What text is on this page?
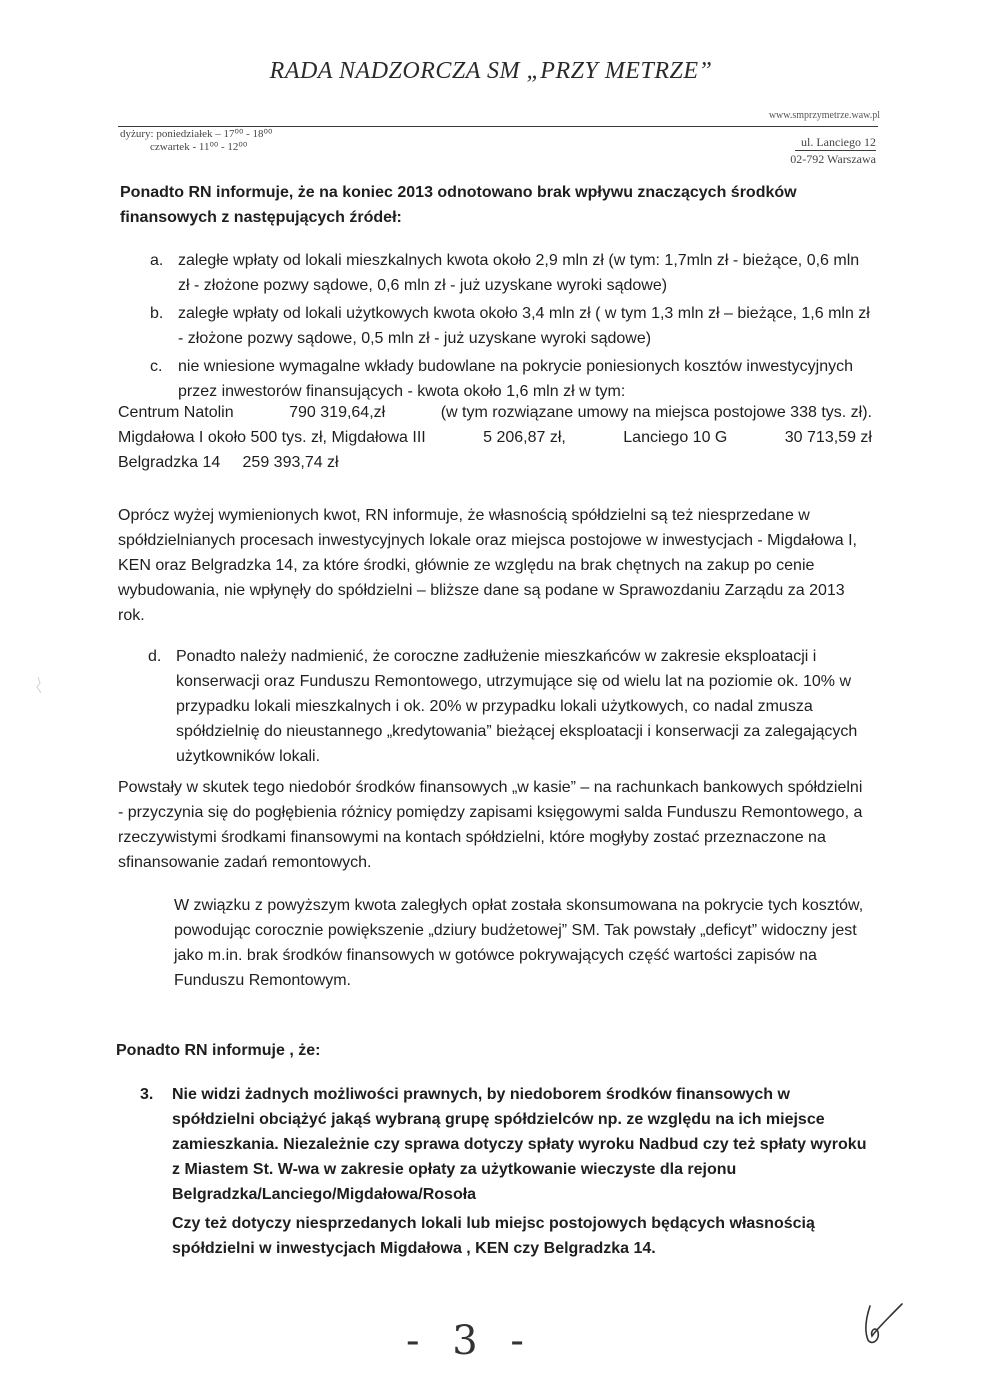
RADA NADZORCZA SM „PRZY METRZE”
www.smprzymetrze.waw.pl
dyżury: poniedziałek – 17⁰⁰ - 18⁰⁰
czwartek - 11⁰⁰ - 12⁰⁰	ul. Lanciego 12
02-792 Warszawa

Ponadto RN informuje, że na koniec 2013 odnotowano brak wpływu znaczących środków finansowych z następujących źródeł:

a. zaległe wpłaty od lokali mieszkalnych kwota około 2,9 mln zł (w tym: 1,7mln zł - bieżące, 0,6 mln zł - złożone pozwy sądowe, 0,6 mln zł - już uzyskane wyroki sądowe)
b. zaległe wpłaty od lokali użytkowych kwota około 3,4 mln zł ( w tym 1,3 mln zł – bieżące, 1,6 mln zł - złożone pozwy sądowe, 0,5 mln zł - już uzyskane wyroki sądowe)
c. nie wniesione wymagalne wkłady budowlane na pokrycie poniesionych kosztów inwestycyjnych przez inwestorów finansujących - kwota około 1,6 mln zł w tym:
Centrum Natolin	790 319,64,zł	(w tym rozwiązane umowy na miejsca postojowe 338 tys. zł).
Migdałowa I około 500 tys. zł, Migdałowa III	5 206,87 zł,	Lanciego 10 G	30 713,59 zł
Belgradzka 14 259 393,74 zł

Oprócz wyżej wymienionych kwot, RN informuje, że własnością spółdzielni są też niesprzedane w spółdzielnianych procesach inwestycyjnych lokale oraz miejsca postojowe w inwestycjach - Migdałowa I, KEN oraz Belgradzka 14, za które środki, głównie ze względu na brak chętnych na zakup po cenie wybudowania, nie wpłynęły do spółdzielni – bliższe dane są podane w Sprawozdaniu Zarządu za 2013 rok.

d. Ponadto należy nadmienić, że coroczne zadłużenie mieszkańców w zakresie eksploatacji i konserwacji oraz Funduszu Remontowego, utrzymujące się od wielu lat na poziomie ok. 10% w przypadku lokali mieszkalnych i ok. 20% w przypadku lokali użytkowych, co nadal zmusza spółdzielnię do nieustannego „kredytowania” bieżącej eksploatacji i konserwacji za zalegających użytkowników lokali.

Powstały w skutek tego niedobór środków finansowych „w kasie” – na rachunkach bankowych spółdzielni - przyczynia się do pogłębienia różnicy pomiędzy zapisami księgowymi salda Funduszu Remontowego, a rzeczywistymi środkami finansowymi na kontach spółdzielni, które mogłyby zostać przeznaczone na sfinansowanie zadań remontowych.

W związku z powyższym kwota zaległych opłat została skonsumowana na pokrycie tych kosztów, powodując corocznie powiększenie „dziury budżetowej” SM. Tak powstały „deficyt” widoczny jest jako m.in. brak środków finansowych w gotówce pokrywających część wartości zapisów na Funduszu Remontowym.

Ponadto RN informuje , że:
3.	Nie widzi żadnych możliwości prawnych, by niedoborem środków finansowych w spółdzielni obciążyć jakąś wybraną grupę spółdzielców np. ze względu na ich miejsce zamieszkania. Niezależnie czy sprawa dotyczy spłaty wyroku Nadbud czy też spłaty wyroku z Miastem St. W-wa w zakresie opłaty za użytkowanie wieczyste dla rejonu Belgradzka/Lanciego/Migdałowa/Rosoła
Czy też dotyczy niesprzedanych lokali lub miejsc postojowych będących własnością spółdzielni w inwestycjach Migdałowa , KEN czy Belgradzka 14.
- 3 -
